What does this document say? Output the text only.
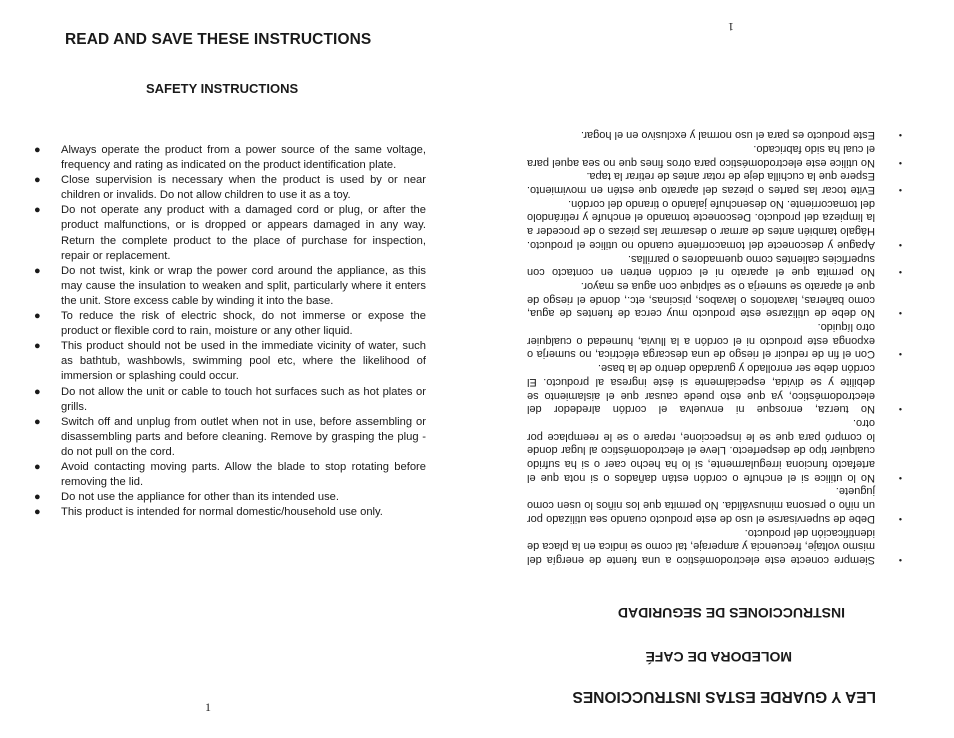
READ AND SAVE THESE INSTRUCTIONS
SAFETY INSTRUCTIONS
● Always operate the product from a power source of the same voltage, frequency and rating as indicated on the product identification plate.
● Close supervision is necessary when the product is used by or near children or invalids. Do not allow children to use it as a toy.
● Do not operate any product with a damaged cord or plug, or after the product malfunctions, or is dropped or appears damaged in any way. Return the complete product to the place of purchase for inspection, repair or replacement.
● Do not twist, kink or wrap the power cord around the appliance, as this may cause the insulation to weaken and split, particularly where it enters the unit. Store excess cable by winding it into the base.
● To reduce the risk of electric shock, do not immerse or expose the product or flexible cord to rain, moisture or any other liquid.
● This product should not be used in the immediate vicinity of water, such as bathtub, washbowls, swimming pool etc, where the likelihood of immersion or splashing could occur.
● Do not allow the unit or cable to touch hot surfaces such as hot plates or grills.
● Switch off and unplug from outlet when not in use, before assembling or disassembling parts and before cleaning. Remove by grasping the plug - do not pull on the cord.
● Avoid contacting moving parts. Allow the blade to stop rotating before removing the lid.
● Do not use the appliance for other than its intended use.
● This product is intended for normal domestic/household use only.
1
LEA Y GUARDE ESTAS INSTRUCCIONES
MOLEDORA DE CAFÉ
INSTRUCCIONES DE SEGURIDAD
•
Siempre conecte este electrodoméstico a una fuente de energía del mismo voltaje, frecuencia y amperaje, tal como se indica en la placa de identificación del producto.
•
Debe de supervisarse el uso de este producto cuando sea utilizado por un niño o persona minusválida. No permita que los niños lo usen como juguete.
•
No lo utilice si el enchufe o cordón están dañados o si nota que el artefacto funciona irregularmente, si lo ha hecho caer o si ha sufrido cualquier tipo de desperfecto. Lleve el electrodoméstico al lugar donde lo compró para que se le inspeccione, repare o se le reemplace por otro.
•
No tuerza, enrosque ni envuelva el cordón alrededor del electrodoméstico, ya que esto puede causar que el aislamiento se debilite y se divida, especialmente si éste ingresa al producto. El cordón debe ser enrollado y guardado dentro de la base.
•
Con el fin de reducir el riesgo de una descarga eléctrica, no sumerja o exponga este producto ni el cordón a la lluvia, humedad o cualquier otro líquido.
•
No debe de utilizarse este producto muy cerca de fuentes de agua, como bañeras, lavatorios o lavabos, piscinas, etc., donde el riesgo de que el aparato se sumerja o se salpique con agua es mayor.
•
No permita que el aparato ni el cordón entren en contacto con superficies calientes como quemadores o parrillas.
•
Apague y desconecte del tomacorriente cuando no utilice el producto. Hágalo también antes de armar o desarmar las piezas o de proceder a la limpieza del producto. Desconecte tomando el enchufe y retirándolo del tomacorriente. No desenchufe jalando o tirando del cordón.
•
Evite tocar las partes o piezas del aparato que estén en movimiento. Espere que la cuchilla deje de rotar antes de retirar la tapa.
•
No utilice este electrodoméstico para otros fines que no sea aquel para el cual ha sido fabricado.
•
Este producto es para el uso normal y exclusivo en el hogar.
1
